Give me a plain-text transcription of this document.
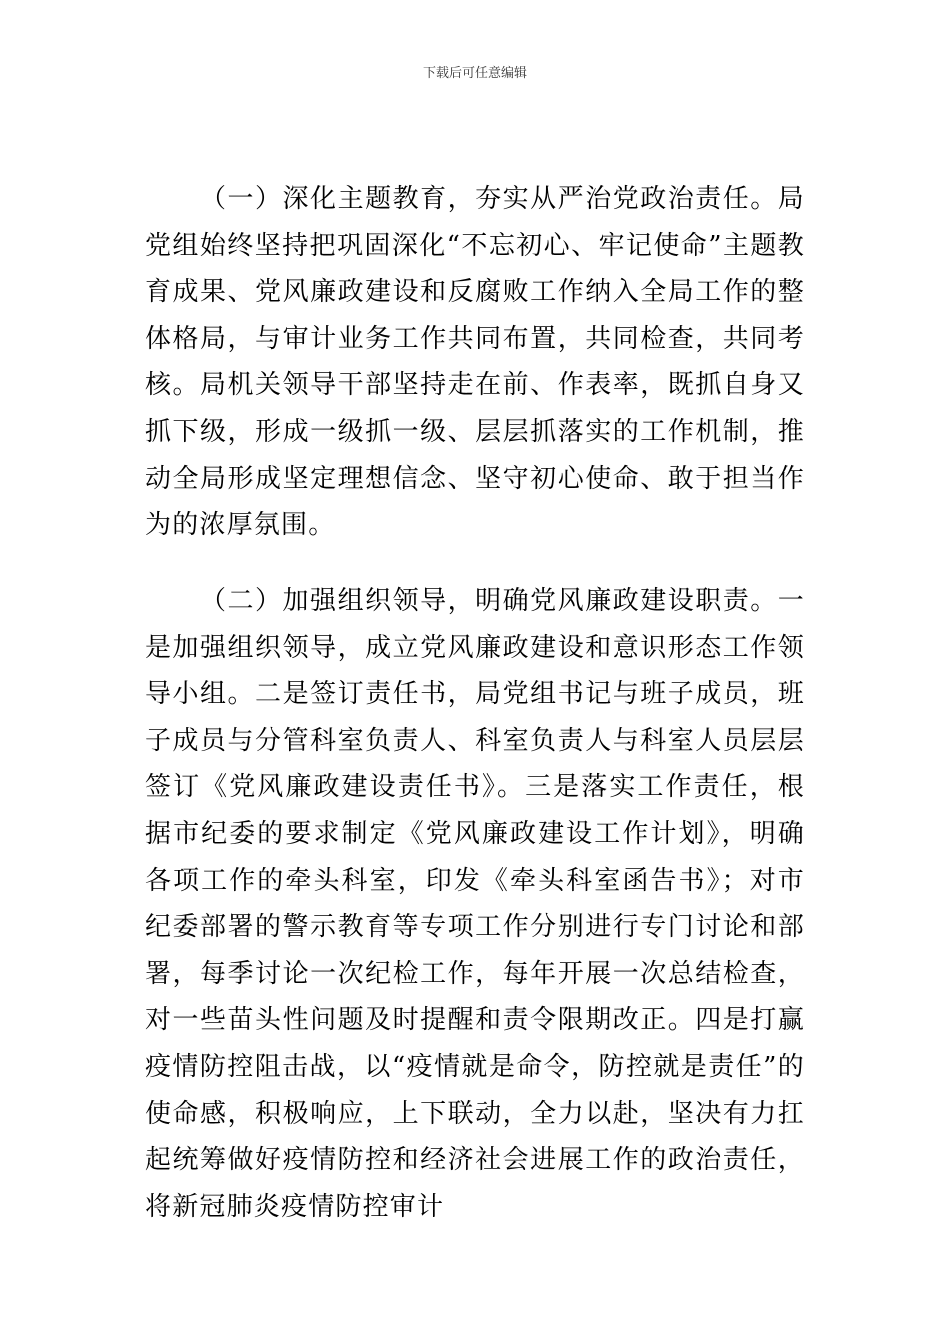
下载后可任意编辑

（一）深化主题教育，夯实从严治党政治责任。局党组始终坚持把巩固深化“不忘初心、牢记使命”主题教育成果、党风廉政建设和反腐败工作纳入全局工作的整体格局，与审计业务工作共同布置，共同检查，共同考核。局机关领导干部坚持走在前、作表率，既抓自身又抓下级，形成一级抓一级、层层抓落实的工作机制，推动全局形成坚定理想信念、坚守初心使命、敢于担当作为的浓厚氛围。

（二）加强组织领导，明确党风廉政建设职责。一是加强组织领导，成立党风廉政建设和意识形态工作领导小组。二是签订责任书，局党组书记与班子成员，班子成员与分管科室负责人、科室负责人与科室人员层层签订《党风廉政建设责任书》。三是落实工作责任，根据市纪委的要求制定《党风廉政建设工作计划》，明确各项工作的牵头科室，印发《牵头科室函告书》；对市纪委部署的警示教育等专项工作分别进行专门讨论和部署，每季讨论一次纪检工作，每年开展一次总结检查，对一些苗头性问题及时提醒和责令限期改正。四是打赢疫情防控阻击战，以“疫情就是命令，防控就是责任”的使命感，积极响应，上下联动，全力以赴，坚决有力扛起统筹做好疫情防控和经济社会进展工作的政治责任，将新冠肺炎疫情防控审计
